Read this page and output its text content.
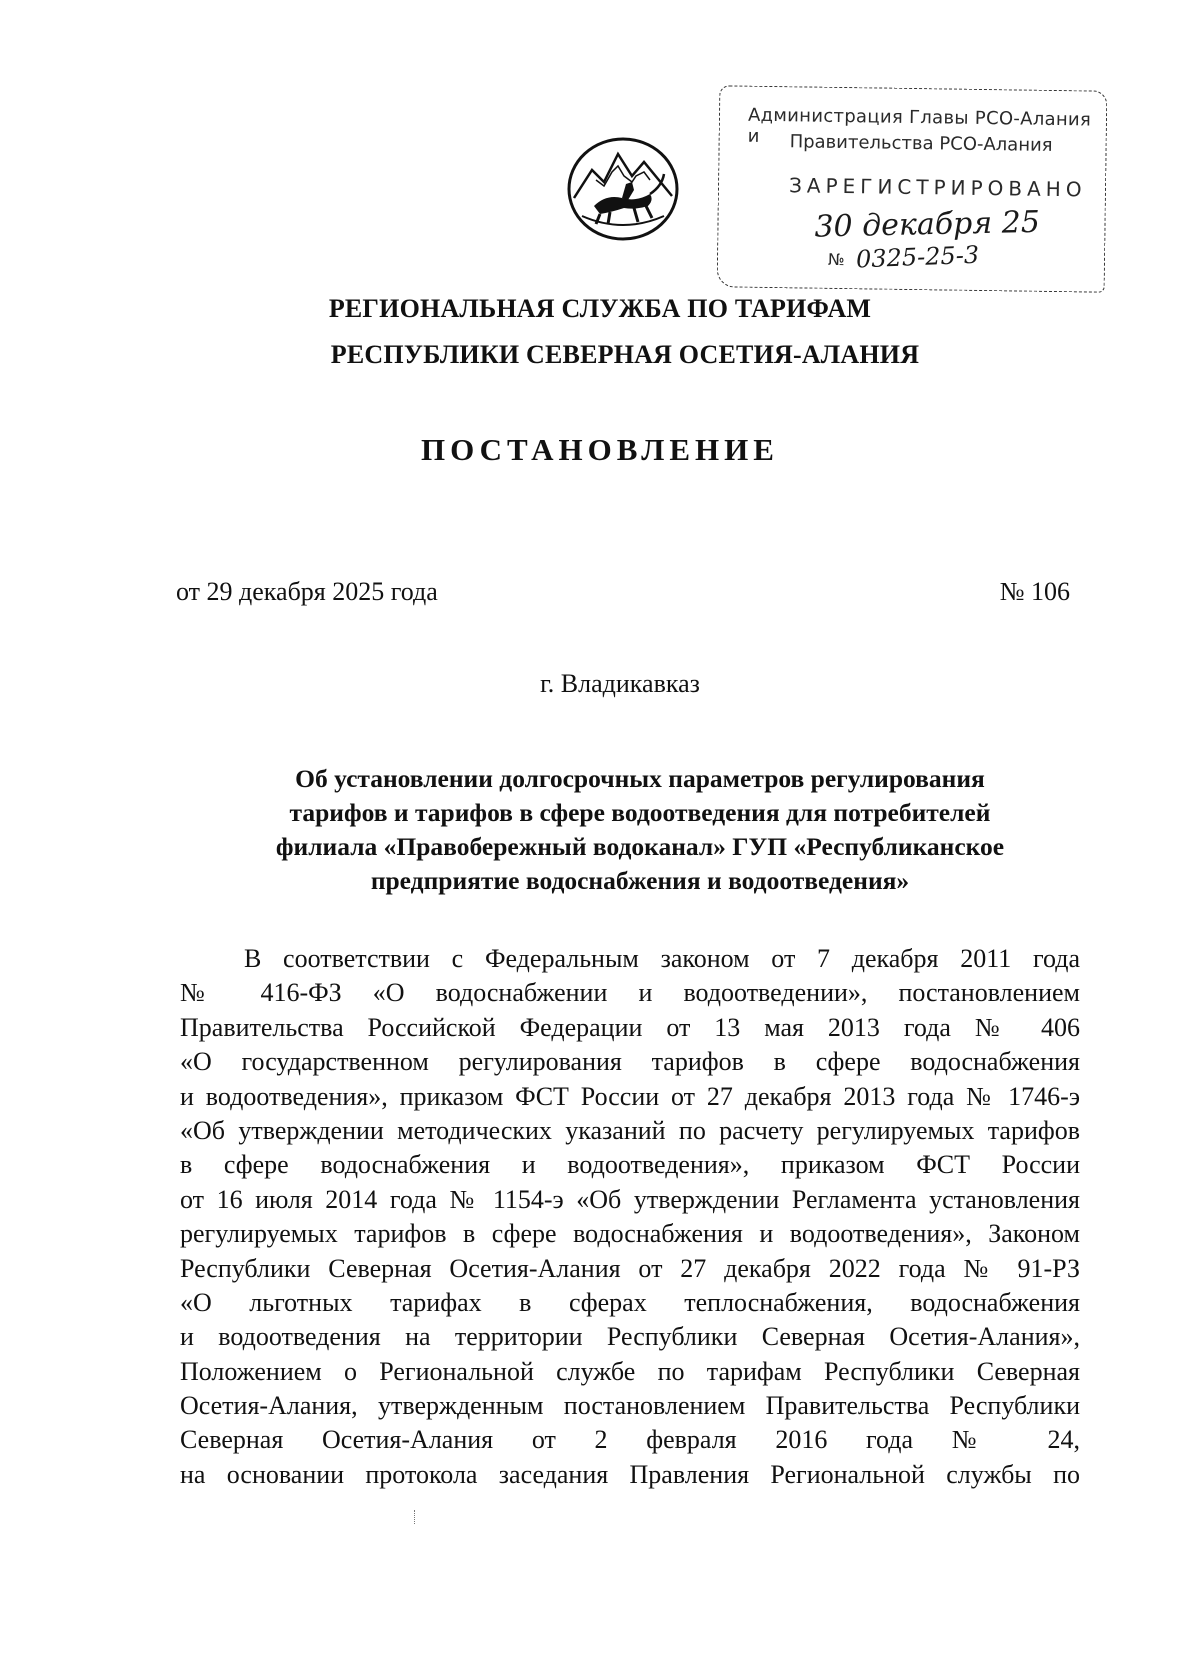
Администрация Главы РСО-Алания и	Правительства РСО-Алания
ЗАРЕГИСТРИРОВАНО
30 декабря 25
№ 0325-25-3
РЕГИОНАЛЬНАЯ СЛУЖБА ПО ТАРИФАМ
РЕСПУБЛИКИ СЕВЕРНАЯ ОСЕТИЯ-АЛАНИЯ
ПОСТАНОВЛЕНИЕ
от 29 декабря 2025 года	№ 106
г. Владикавказ
Об установлении долгосрочных параметров регулирования
тарифов и тарифов в сфере водоотведения для потребителей
филиала «Правобережный водоканал» ГУП «Республиканское
предприятие водоснабжения и водоотведения»
В соответствии с Федеральным законом от 7 декабря 2011 года
№ 416-ФЗ «О водоснабжении и водоотведении», постановлением
Правительства Российской Федерации от 13 мая 2013 года № 406
«О государственном регулирования тарифов в сфере водоснабжения
и водоотведения», приказом ФСТ России от 27 декабря 2013 года № 1746-э
«Об утверждении методических указаний по расчету регулируемых тарифов
в сфере водоснабжения и водоотведения», приказом ФСТ России
от 16 июля 2014 года № 1154-э «Об утверждении Регламента установления
регулируемых тарифов в сфере водоснабжения и водоотведения», Законом
Республики Северная Осетия-Алания от 27 декабря 2022 года № 91-РЗ
«О льготных тарифах в сферах теплоснабжения, водоснабжения
и водоотведения на территории Республики Северная Осетия-Алания»,
Положением о Региональной службе по тарифам Республики Северная
Осетия-Алания, утвержденным постановлением Правительства Республики
Северная Осетия-Алания от 2 февраля 2016 года № 24,
на основании протокола заседания Правления Региональной службы по
